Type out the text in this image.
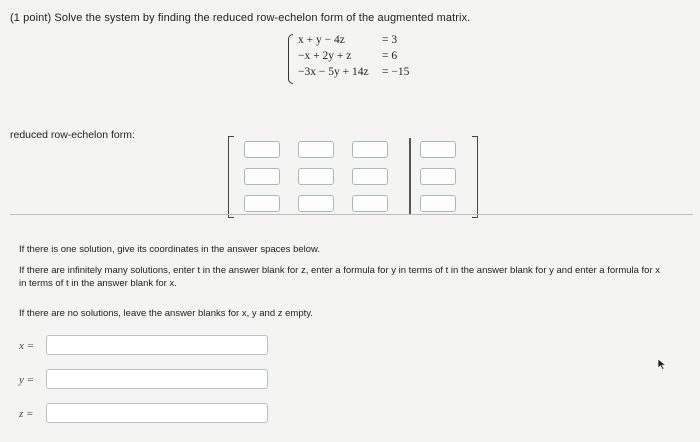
(1 point) Solve the system by finding the reduced row-echelon form of the augmented matrix.
x + y − 4z	= 3
−x + 2y + z	= 6
−3x − 5y + 14z = −15
reduced row-echelon form:
If there is one solution, give its coordinates in the answer spaces below.
If there are infinitely many solutions, enter t in the answer blank for z, enter a formula for y in terms of t in the answer blank for y and enter a formula for x
in terms of t in the answer blank for x.
If there are no solutions, leave the answer blanks for x, y and z empty.
x =
y =
z =
